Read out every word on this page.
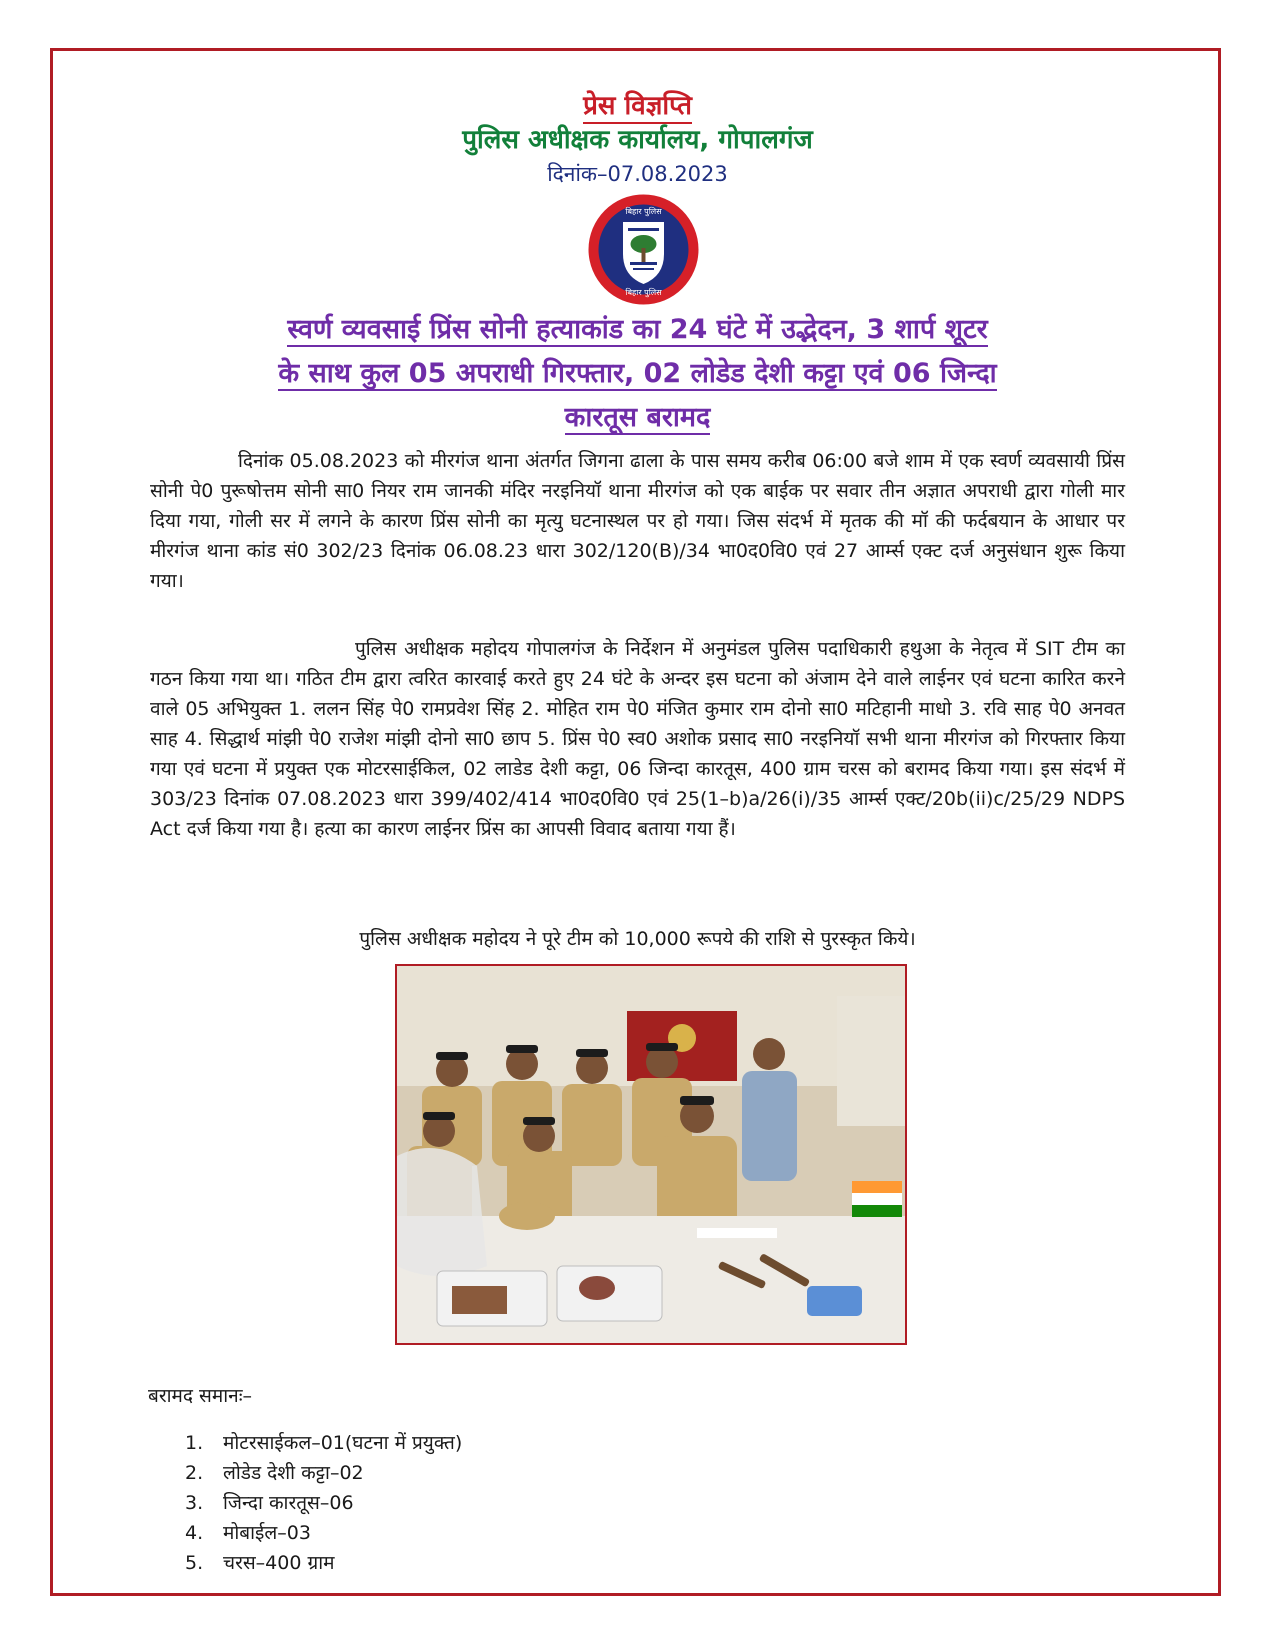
प्रेस विज्ञप्ति
पुलिस अधीक्षक कार्यालय, गोपालगंज
दिनांक–07.08.2023
बिहार पुलिस
बिहार पुलिस
स्वर्ण व्यवसाई प्रिंस सोनी हत्याकांड का 24 घंटे में उद्भेदन, 3 शार्प शूटर
के साथ कुल 05 अपराधी गिरफ्तार, 02 लोडेड देशी कट्टा एवं 06 जिन्दा
कारतूस बरामद
दिनांक 05.08.2023 को मीरगंज थाना अंतर्गत जिगना ढाला के पास समय करीब 06:00 बजे शाम में एक स्वर्ण व्यवसायी प्रिंस सोनी पे0 पुरूषोत्तम सोनी सा0 नियर राम जानकी मंदिर नरइनियॉ थाना मीरगंज को एक बाईक पर सवार तीन अज्ञात अपराधी द्वारा गोली मार दिया गया, गोली सर में लगने के कारण प्रिंस सोनी का मृत्यु घटनास्थल पर हो गया। जिस संदर्भ में मृतक की मॉ की फर्दबयान के आधार पर मीरगंज थाना कांड सं0 302/23 दिनांक 06.08.23 धारा 302/120(B)/34 भा0द0वि0 एवं 27 आर्म्स एक्ट दर्ज अनुसंधान शुरू किया गया।
पुलिस अधीक्षक महोदय गोपालगंज के निर्देशन में अनुमंडल पुलिस पदाधिकारी हथुआ के नेतृत्व में SIT टीम का गठन किया गया था। गठित टीम द्वारा त्वरित कारवाई करते हुए 24 घंटे के अन्दर इस घटना को अंजाम देने वाले लाईनर एवं घटना कारित करने वाले 05 अभियुक्त 1. ललन सिंह पे0 रामप्रवेश सिंह 2. मोहित राम पे0 मंजित कुमार राम दोनो सा0 मटिहानी माधो 3. रवि साह पे0 अनवत साह 4. सिद्धार्थ मांझी पे0 राजेश मांझी दोनो सा0 छाप 5. प्रिंस पे0 स्व0 अशोक प्रसाद सा0 नरइनियॉ सभी थाना मीरगंज को गिरफ्तार किया गया एवं घटना में प्रयुक्त एक मोटरसाईकिल, 02 लाडेड देशी कट्टा, 06 जिन्दा कारतूस, 400 ग्राम चरस को बरामद किया गया। इस संदर्भ में 303/23 दिनांक 07.08.2023 धारा 399/402/414 भा0द0वि0 एवं 25(1–b)a/26(i)/35 आर्म्स एक्ट/20b(ii)c/25/29 NDPS Act दर्ज किया गया है। हत्या का कारण लाईनर प्रिंस का आपसी विवाद बताया गया हैं।
पुलिस अधीक्षक महोदय ने पूरे टीम को 10,000 रूपये की राशि से पुरस्कृत किये।
बरामद समानः–
1. मोटरसाईकल–01(घटना में प्रयुक्त)
2. लोडेड देशी कट्टा–02
3. जिन्दा कारतूस–06
4. मोबाईल–03
5. चरस–400 ग्राम
